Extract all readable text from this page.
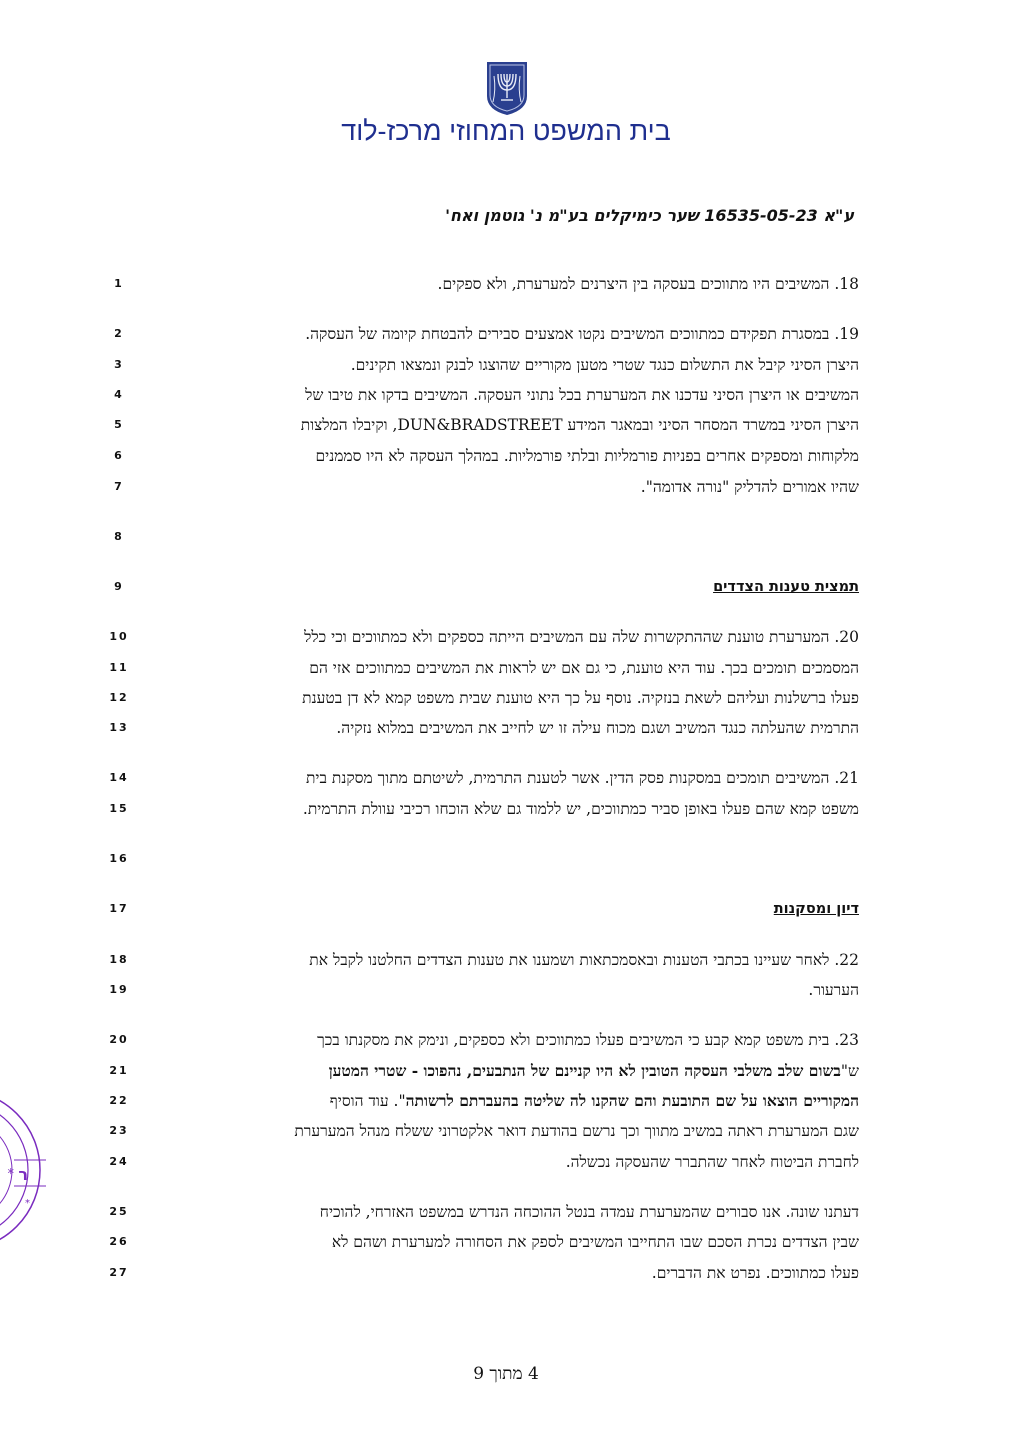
בית המשפט המחוזי מרכז-לוד
ע"א 16535-05-23 שער כימיקלים בע"מ נ' גוטמן ואח'
1
2
3
4
5
6
7
8
9
10
11
12
13
14
15
16
17
18
19
20
21
22
23
24
25
26
27
18. המשיבים היו מתווכים בעסקה בין היצרנים למערערת, ולא ספקים.
19. במסגרת תפקידם כמתווכים המשיבים נקטו אמצעים סבירים להבטחת קיומה של העסקה.
היצרן הסיני קיבל את התשלום כנגד שטרי מטען מקוריים שהוצגו לבנק ונמצאו תקינים.
המשיבים או היצרן הסיני עדכנו את המערערת בכל נתוני העסקה. המשיבים בדקו את טיבו של
היצרן הסיני במשרד המסחר הסיני ובמאגר המידע DUN&BRADSTREET, וקיבלו המלצות
מלקוחות ומספקים אחרים בפניות פורמליות ובלתי פורמליות. במהלך העסקה לא היו סממנים
שהיו אמורים להדליק "נורה אדומה".
תמצית טענות הצדדים
20. המערערת טוענת שההתקשרות שלה עם המשיבים הייתה כספקים ולא כמתווכים וכי כלל
המסמכים תומכים בכך. עוד היא טוענת, כי גם אם יש לראות את המשיבים כמתווכים אזי הם
פעלו ברשלנות ועליהם לשאת בנזקיה. נוסף על כך היא טוענת שבית משפט קמא לא דן בטענת
התרמית שהעלתה כנגד המשיב ושגם מכוח עילה זו יש לחייב את המשיבים במלוא נזקיה.
21. המשיבים תומכים במסקנות פסק הדין. אשר לטענת התרמית, לשיטתם מתוך מסקנת בית
משפט קמא שהם פעלו באופן סביר כמתווכים, יש ללמוד גם שלא הוכחו רכיבי עוולת התרמית.
דיון ומסקנות
22. לאחר שעיינו בכתבי הטענות ובאסמכתאות ושמענו את טענות הצדדים החלטנו לקבל את
הערעור.
23. בית משפט קמא קבע כי המשיבים פעלו כמתווכים ולא כספקים, ונימק את מסקנתו בכך
ש"בשום שלב משלבי העסקה הטובין לא היו קניינם של הנתבעים, נהפוכו - שטרי המטען
המקוריים הוצאו על שם התובעת והם שהקנו לה שליטה בהעברתם לרשותה". עוד הוסיף
שגם המערערת ראתה במשיב מתווך וכך נרשם בהודעת דואר אלקטרוני ששלח מנהל המערערת
לחברת הביטוח לאחר שהתברר שהעסקה נכשלה.
דעתנו שונה. אנו סבורים שהמערערת עמדה בנטל ההוכחה הנדרש במשפט האזרחי, להוכיח
שבין הצדדים נכרת הסכם שבו התחייבו המשיבים לספק את הסחורה למערערת ושהם לא
פעלו כמתווכים. נפרט את הדברים.
* ר
*
4 מתוך 9
